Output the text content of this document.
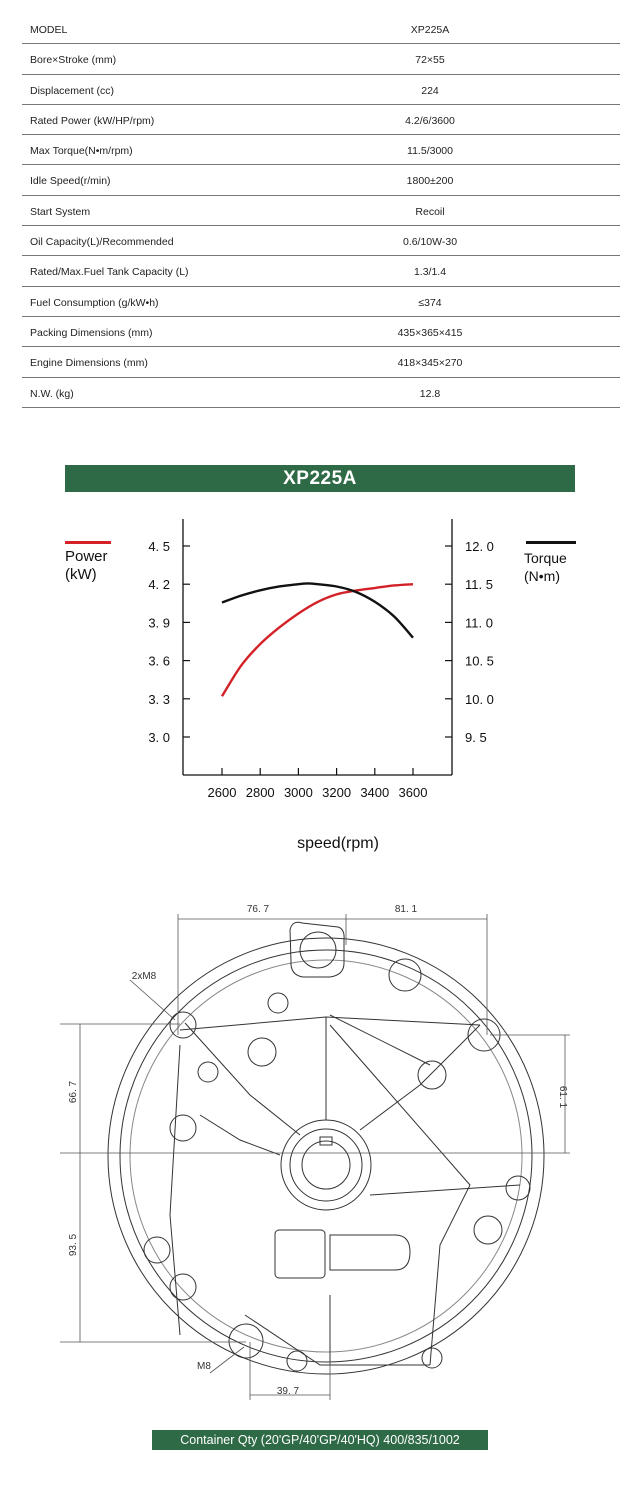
MODEL	XP225A
Bore×Stroke (mm)	72×55
Displacement (cc)	224
Rated Power (kW/HP/rpm)	4.2/6/3600
Max Torque(N•m/rpm)	11.5/3000
Idle Speed(r/min)	1800±200
Start System	Recoil
Oil Capacity(L)/Recommended	0.6/10W-30
Rated/Max.Fuel Tank Capacity (L)	1.3/1.4
Fuel Consumption (g/kW•h)	≤374
Packing Dimensions (mm)	435×365×415
Engine Dimensions (mm)	418×345×270
N.W. (kg)	12.8
XP225A
Power
(kW)
Torque
(N•m)
4. 5
4. 2
3. 9
3. 6
3. 3
3. 0
12. 0
11. 5
11. 0
10. 5
10. 0
9. 5
2600 2800 3000 3200 3400 3600
speed(rpm)
76. 7	81. 1
2xM8
66. 7	61. 1
93. 5
M8
39. 7
Container Qty (20'GP/40'GP/40'HQ) 400/835/1002
